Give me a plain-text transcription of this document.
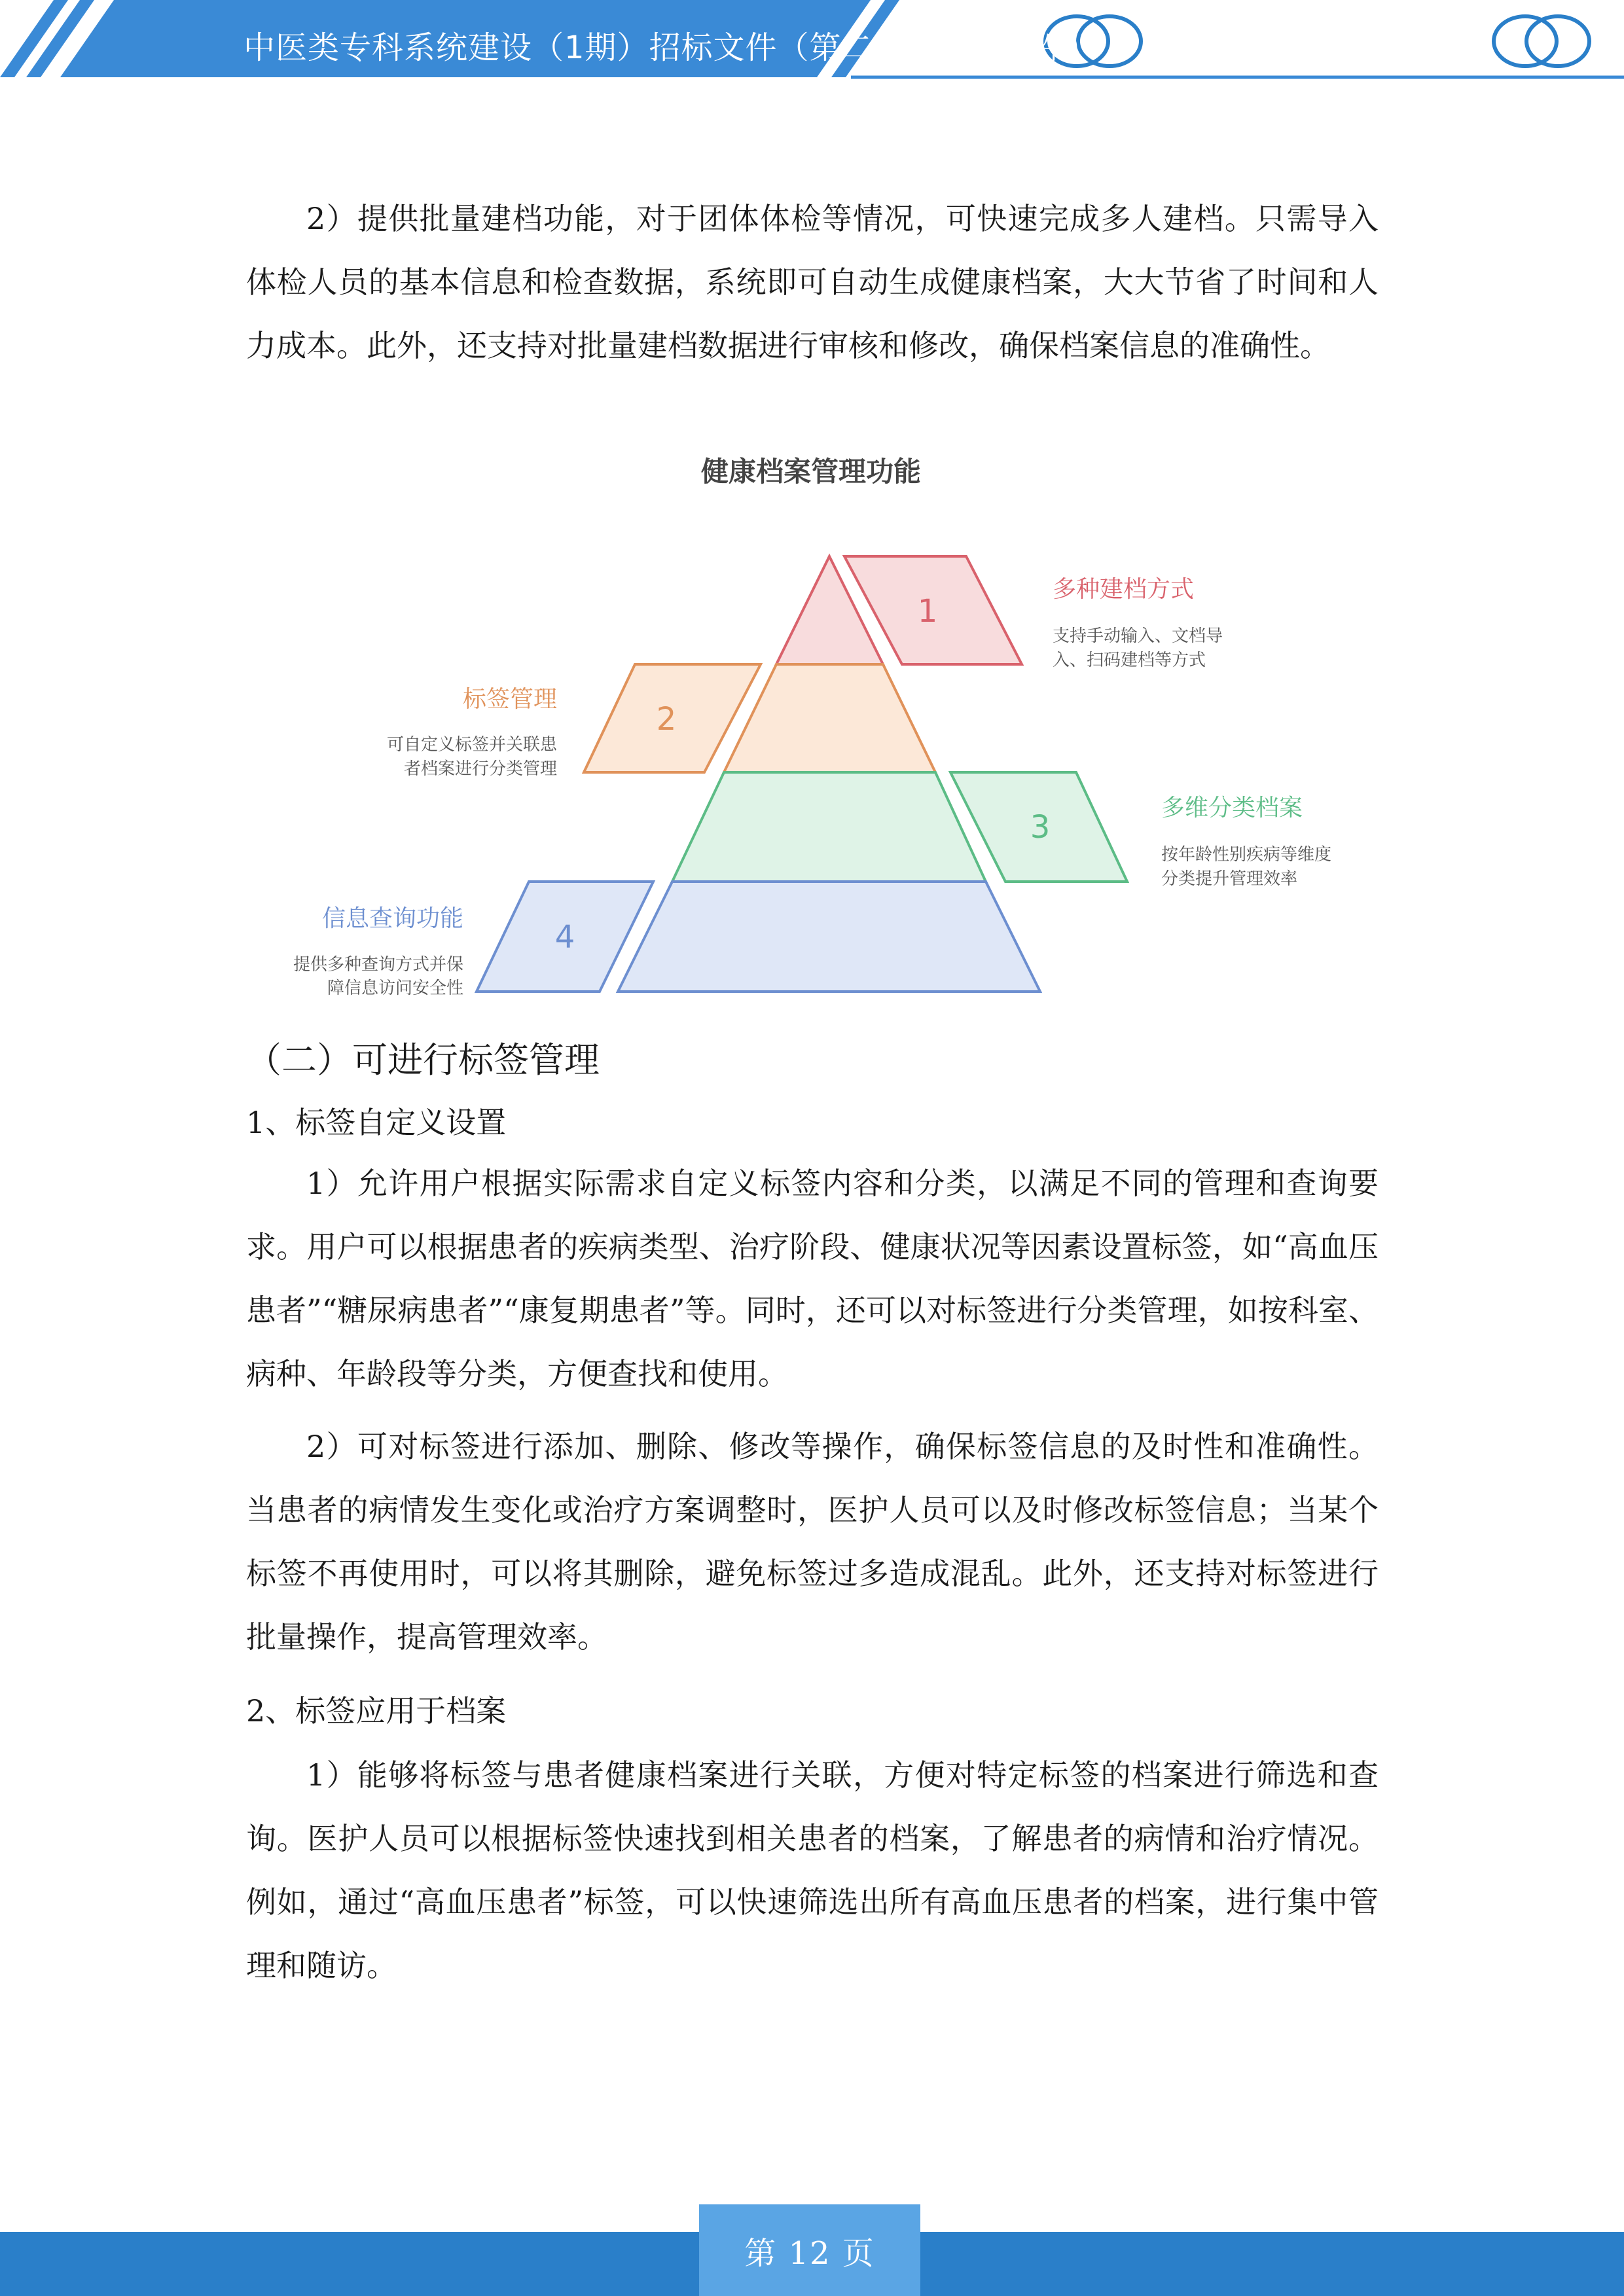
中医类专科系统建设（1期）招标文件（第二册：技术文件）

2）提供批量建档功能，对于团体体检等情况，可快速完成多人建档。只需导入体检人员的基本信息和检查数据，系统即可自动生成健康档案，大大节省了时间和人力成本。此外，还支持对批量建档数据进行审核和修改，确保档案信息的准确性。

健康档案管理功能
1
2
3
4
多种建档方式
支持手动输入、文档导
入、扫码建档等方式
标签管理
可自定义标签并关联患
者档案进行分类管理
多维分类档案
按年龄性别疾病等维度
分类提升管理效率
信息查询功能
提供多种查询方式并保
障信息访问安全性

（二）可进行标签管理

1、标签自定义设置

1）允许用户根据实际需求自定义标签内容和分类，以满足不同的管理和查询要求。用户可以根据患者的疾病类型、治疗阶段、健康状况等因素设置标签，如“高血压患者”“糖尿病患者”“康复期患者”等。同时，还可以对标签进行分类管理，如按科室、病种、年龄段等分类，方便查找和使用。

2）可对标签进行添加、删除、修改等操作，确保标签信息的及时性和准确性。当患者的病情发生变化或治疗方案调整时，医护人员可以及时修改标签信息；当某个标签不再使用时，可以将其删除，避免标签过多造成混乱。此外，还支持对标签进行批量操作，提高管理效率。

2、标签应用于档案

1）能够将标签与患者健康档案进行关联，方便对特定标签的档案进行筛选和查询。医护人员可以根据标签快速找到相关患者的档案，了解患者的病情和治疗情况。例如，通过“高血压患者”标签，可以快速筛选出所有高血压患者的档案，进行集中管理和随访。

第 12 页
